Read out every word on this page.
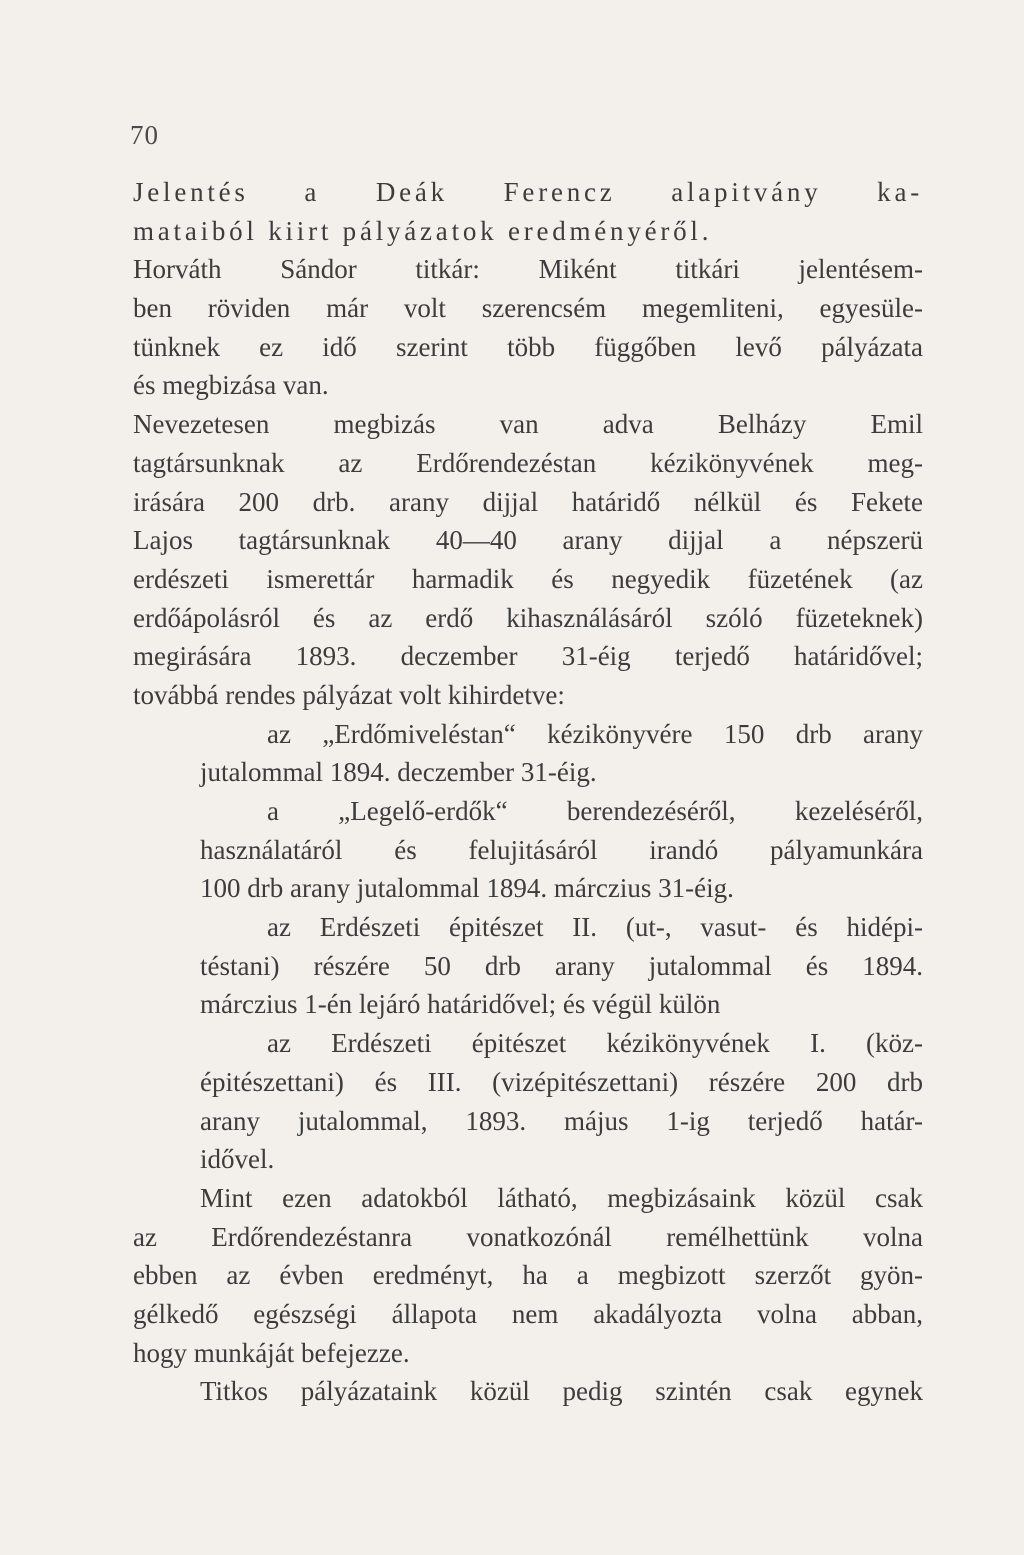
70
Jelentés a Deák Ferencz alapitvány ka-
mataiból kiirt pályázatok eredményéről.
Horváth Sándor titkár: Miként titkári jelentésem-
ben röviden már volt szerencsém megemliteni, egyesüle-
tünknek ez idő szerint több függőben levő pályázata
és megbizása van.
Nevezetesen megbizás van adva Belházy Emil
tagtársunknak az Erdőrendezéstan kézikönyvének meg-
irására 200 drb. arany dijjal határidő nélkül és Fekete
Lajos tagtársunknak 40—40 arany dijjal a népszerü
erdészeti ismerettár harmadik és negyedik füzetének (az
erdőápolásról és az erdő kihasználásáról szóló füzeteknek)
megirására 1893. deczember 31-éig terjedő határidővel;
továbbá rendes pályázat volt kihirdetve:
az „Erdőmiveléstan“ kézikönyvére 150 drb arany
jutalommal 1894. deczember 31-éig.
a „Legelő-erdők“ berendezéséről, kezeléséről,
használatáról és felujitásáról irandó pályamunkára
100 drb arany jutalommal 1894. márczius 31-éig.
az Erdészeti épitészet II. (ut-, vasut- és hidépi-
téstani) részére 50 drb arany jutalommal és 1894.
márczius 1-én lejáró határidővel; és végül külön
az Erdészeti épitészet kézikönyvének I. (köz-
épitészettani) és III. (vizépitészettani) részére 200 drb
arany jutalommal, 1893. május 1-ig terjedő határ-
idővel.
Mint ezen adatokból látható, megbizásaink közül csak
az Erdőrendezéstanra vonatkozónál remélhettünk volna
ebben az évben eredményt, ha a megbizott szerzőt gyön-
gélkedő egészségi állapota nem akadályozta volna abban,
hogy munkáját befejezze.
Titkos pályázataink közül pedig szintén csak egynek
